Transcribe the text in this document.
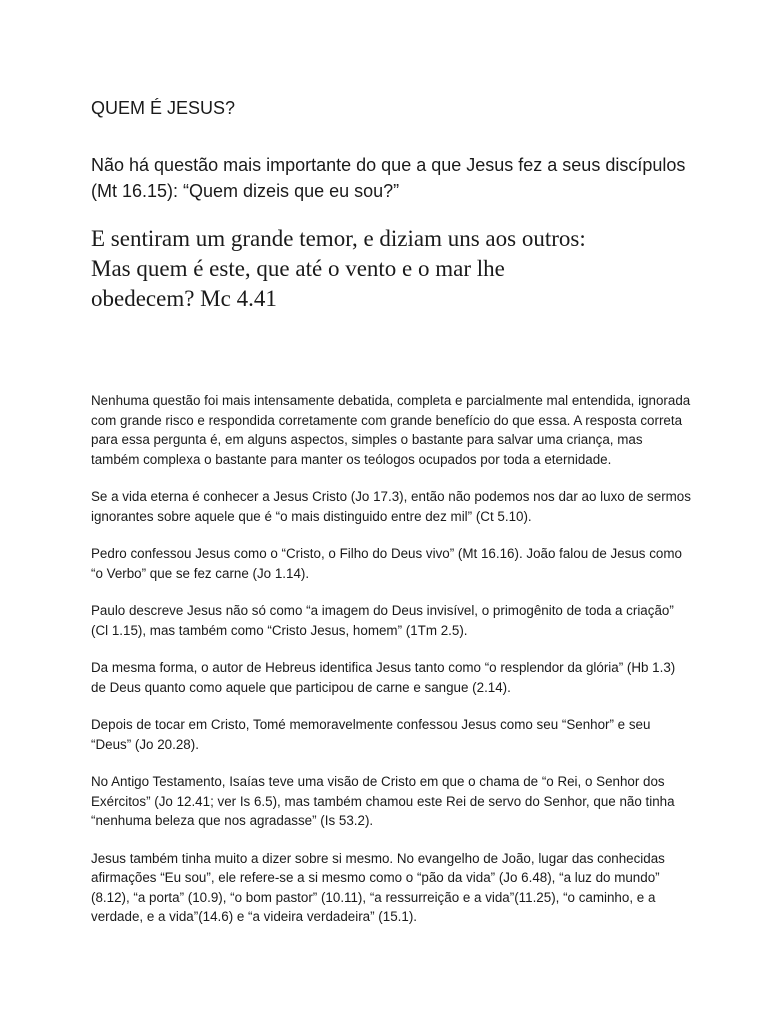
QUEM É JESUS?

Não há questão mais importante do que a que Jesus fez a seus discípulos (Mt 16.15): “Quem dizeis que eu sou?”

E sentiram um grande temor, e diziam uns aos outros: Mas quem é este, que até o vento e o mar lhe obedecem? Mc 4.41

Nenhuma questão foi mais intensamente debatida, completa e parcialmente mal entendida, ignorada com grande risco e respondida corretamente com grande benefício do que essa. A resposta correta para essa pergunta é, em alguns aspectos, simples o bastante para salvar uma criança, mas também complexa o bastante para manter os teólogos ocupados por toda a eternidade.

Se a vida eterna é conhecer a Jesus Cristo (Jo 17.3), então não podemos nos dar ao luxo de sermos ignorantes sobre aquele que é “o mais distinguido entre dez mil” (Ct 5.10).

Pedro confessou Jesus como o “Cristo, o Filho do Deus vivo” (Mt 16.16). João falou de Jesus como “o Verbo” que se fez carne (Jo 1.14).

Paulo descreve Jesus não só como “a imagem do Deus invisível, o primogênito de toda a criação” (Cl 1.15), mas também como “Cristo Jesus, homem” (1Tm 2.5).

Da mesma forma, o autor de Hebreus identifica Jesus tanto como “o resplendor da glória” (Hb 1.3) de Deus quanto como aquele que participou de carne e sangue (2.14).

Depois de tocar em Cristo, Tomé memoravelmente confessou Jesus como seu “Senhor” e seu “Deus” (Jo 20.28).

No Antigo Testamento, Isaías teve uma visão de Cristo em que o chama de “o Rei, o Senhor dos Exércitos” (Jo 12.41; ver Is 6.5), mas também chamou este Rei de servo do Senhor, que não tinha “nenhuma beleza que nos agradasse” (Is 53.2).

Jesus também tinha muito a dizer sobre si mesmo. No evangelho de João, lugar das conhecidas afirmações “Eu sou”, ele refere-se a si mesmo como o “pão da vida” (Jo 6.48), “a luz do mundo” (8.12), “a porta” (10.9), “o bom pastor” (10.11), “a ressurreição e a vida”(11.25), “o caminho, e a verdade, e a vida”(14.6) e “a videira verdadeira” (15.1).
